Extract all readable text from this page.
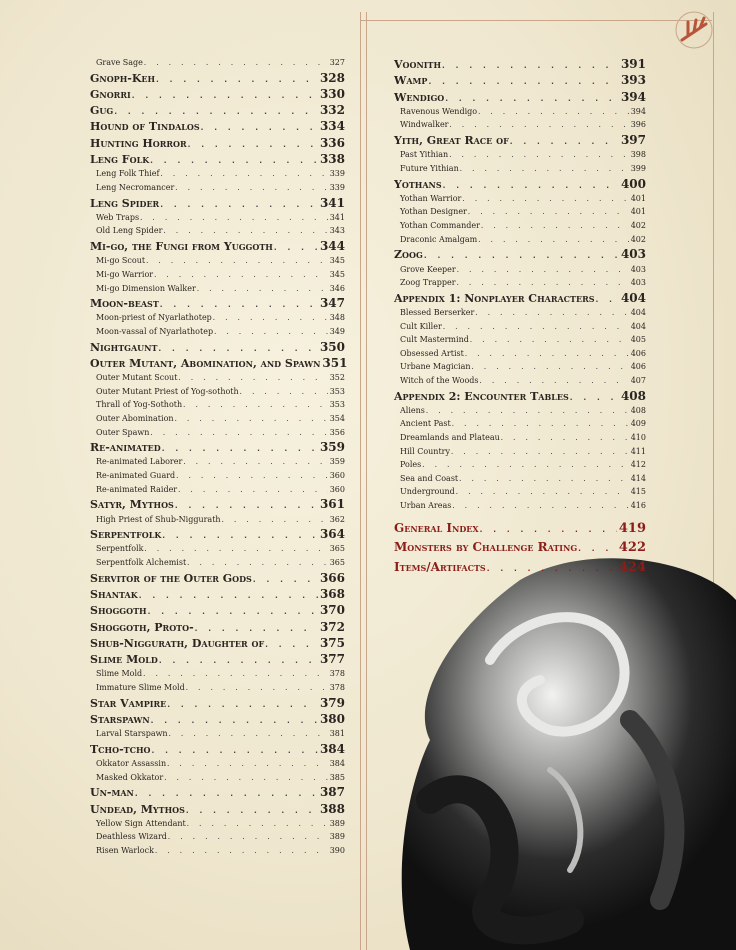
Grave Sage . . .	327
Gnoph-Keh . . .	328
Gnorri . . .	330
Gug . . .	332
Hound of Tindalos . . .	334
Hunting Horror . . .	336
Leng Folk . . .	338
Leng Folk Thief . . .	339
Leng Necromancer . . .	339
Leng Spider . . .	341
Web Traps . . .	341
Old Leng Spider . . .	343
Mi-go, the Fungi from Yuggoth . . .	344
Mi-go Scout . . .	345
Mi-go Warrior . . .	345
Mi-go Dimension Walker . . .	346
Moon-beast . . .	347
Moon-priest of Nyarlathotep . . .	348
Moon-vassal of Nyarlathotep . . .	349
Nightgaunt . . .	350
Outer Mutant, Abomination, and Spawn 351
Outer Mutant Scout . . .	352
Outer Mutant Priest of Yog-sothoth . . .	353
Thrall of Yog-Sothoth . . .	353
Outer Abomination . . .	354
Outer Spawn . . .	356
Re-animated . . .	359
Re-animated Laborer . . .	359
Re-animated Guard . . .	360
Re-animated Raider . . .	360
Satyr, Mythos . . .	361
High Priest of Shub-Niggurath . . .	362
Serpentfolk . . .	364
Serpentfolk . . .	365
Serpentfolk Alchemist . . .	365
Servitor of the Outer Gods . . .	366
Shantak . . .	368
Shoggoth . . .	370
Shoggoth, Proto- . . .	372
Shub-Niggurath, Daughter of . . .	375
Slime Mold . . .	377
Slime Mold . . .	378
Immature Slime Mold . . .	378
Star Vampire . . .	379
Starspawn . . .	380
Larval Starspawn . . .	381
Tcho-tcho . . .	384
Okkator Assassin . . .	384
Masked Okkator . . .	385
Un-man . . .	387
Undead, Mythos . . .	388
Yellow Sign Attendant . . .	389
Deathless Wizard . . .	389
Risen Warlock . . .	390
Voonith . . .	391
Wamp . . .	393
Wendigo . . .	394
Ravenous Wendigo . . .	394
Windwalker . . .	396
Yith, Great Race of . . .	397
Past Yithian . . .	398
Future Yithian . . .	399
Yothans . . .	400
Yothan Warrior . . .	401
Yothan Designer . . .	401
Yothan Commander . . .	402
Draconic Amalgam . . .	402
Zoog . . .	403
Grove Keeper . . .	403
Zoog Trapper . . .	403
Appendix 1: Nonplayer Characters . . . 404
Blessed Berserker . . .	404
Cult Killer . . .	404
Cult Mastermind . . .	405
Obsessed Artist . . .	406
Urbane Magician . . .	406
Witch of the Woods . . .	407
Appendix 2: Encounter Tables . . .	408
Aliens . . .	408
Ancient Past . . .	409
Dreamlands and Plateau . . .	410
Hill Country . . .	411
Poles . . .	412
Sea and Coast . . .	414
Underground . . .	415
Urban Areas . . .	416
General Index . . .	419
Monsters by Challenge Rating . . .	422
Items/Artifacts . . .	424
